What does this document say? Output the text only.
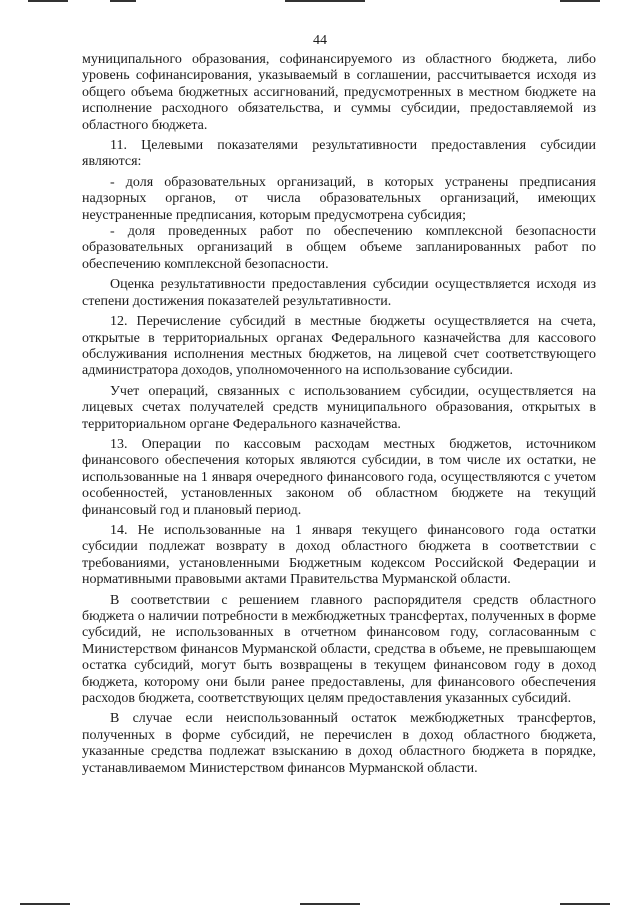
44

муниципального образования, софинансируемого из областного бюджета, либо уровень софинансирования, указываемый в соглашении, рассчитывается исходя из общего объема бюджетных ассигнований, предусмотренных в местном бюджете на исполнение расходного обязательства, и суммы субсидии, предоставляемой из областного бюджета.

11. Целевыми показателями результативности предоставления субсидии являются:

- доля образовательных организаций, в которых устранены предписания надзорных органов, от числа образовательных организаций, имеющих неустраненные предписания, которым предусмотрена субсидия;

- доля проведенных работ по обеспечению комплексной безопасности образовательных организаций в общем объеме запланированных работ по обеспечению комплексной безопасности.

Оценка результативности предоставления субсидии осуществляется исходя из степени достижения показателей результативности.

12. Перечисление субсидий в местные бюджеты осуществляется на счета, открытые в территориальных органах Федерального казначейства для кассового обслуживания исполнения местных бюджетов, на лицевой счет соответствующего администратора доходов, уполномоченного на использование субсидии.

Учет операций, связанных с использованием субсидии, осуществляется на лицевых счетах получателей средств муниципального образования, открытых в территориальном органе Федерального казначейства.

13. Операции по кассовым расходам местных бюджетов, источником финансового обеспечения которых являются субсидии, в том числе их остатки, не использованные на 1 января очередного финансового года, осуществляются с учетом особенностей, установленных законом об областном бюджете на текущий финансовый год и плановый период.

14. Не использованные на 1 января текущего финансового года остатки субсидии подлежат возврату в доход областного бюджета в соответствии с требованиями, установленными Бюджетным кодексом Российской Федерации и нормативными правовыми актами Правительства Мурманской области.

В соответствии с решением главного распорядителя средств областного бюджета о наличии потребности в межбюджетных трансфертах, полученных в форме субсидий, не использованных в отчетном финансовом году, согласованным с Министерством финансов Мурманской области, средства в объеме, не превышающем остатка субсидий, могут быть возвращены в текущем финансовом году в доход бюджета, которому они были ранее предоставлены, для финансового обеспечения расходов бюджета, соответствующих целям предоставления указанных субсидий.

В случае если неиспользованный остаток межбюджетных трансфертов, полученных в форме субсидий, не перечислен в доход областного бюджета, указанные средства подлежат взысканию в доход областного бюджета в порядке, устанавливаемом Министерством финансов Мурманской области.
